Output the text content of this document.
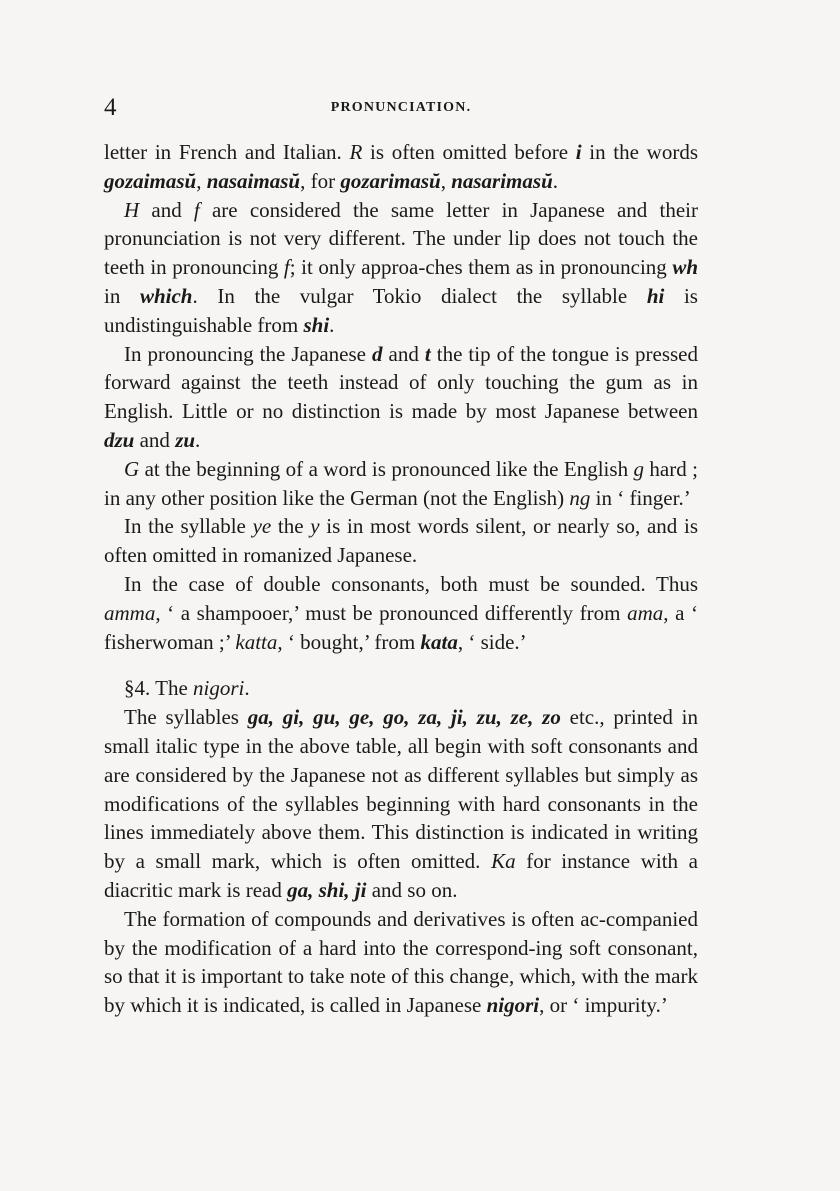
4	PRONUNCIATION.

letter in French and Italian. R is often omitted before i in the words gozaimasŭ, nasaimasŭ, for gozarimasŭ, nasarimasŭ.

H and f are considered the same letter in Japanese and their pronunciation is not very different. The under lip does not touch the teeth in pronouncing f; it only approa-ches them as in pronouncing wh in which. In the vulgar Tokio dialect the syllable hi is undistinguishable from shi.

In pronouncing the Japanese d and t the tip of the tongue is pressed forward against the teeth instead of only touching the gum as in English. Little or no distinction is made by most Japanese between dzu and zu.

G at the beginning of a word is pronounced like the English g hard ; in any other position like the German (not the English) ng in ‘ finger.’

In the syllable ye the y is in most words silent, or nearly so, and is often omitted in romanized Japanese.

In the case of double consonants, both must be sounded. Thus amma, ‘ a shampooer,’ must be pronounced differently from ama, a ‘ fisherwoman ;’ katta, ‘ bought,’ from kata, ‘ side.’

§4. The nigori.

The syllables ga, gi, gu, ge, go, za, ji, zu, ze, zo etc., printed in small italic type in the above table, all begin with soft consonants and are considered by the Japanese not as different syllables but simply as modifications of the syllables beginning with hard consonants in the lines immediately above them. This distinction is indicated in writing by a small mark, which is often omitted. Ka for instance with a diacritic mark is read ga, shi, ji and so on.

The formation of compounds and derivatives is often ac-companied by the modification of a hard into the correspond-ing soft consonant, so that it is important to take note of this change, which, with the mark by which it is indicated, is called in Japanese nigori, or ‘ impurity.’
